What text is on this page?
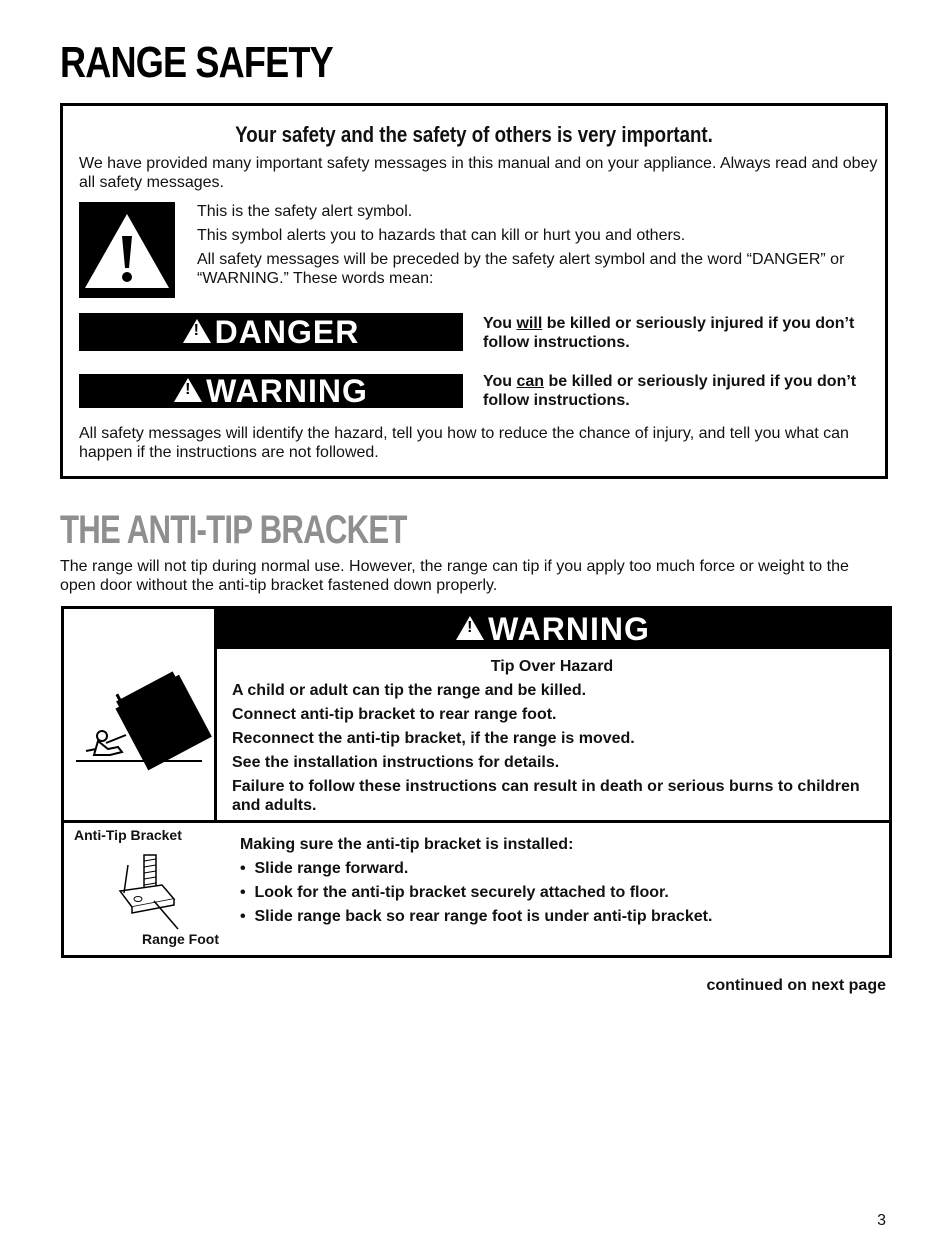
RANGE SAFETY
Your safety and the safety of others is very important.
We have provided many important safety messages in this manual and on your appliance. Always read and obey all safety messages.
This is the safety alert symbol.
This symbol alerts you to hazards that can kill or hurt you and others.
All safety messages will be preceded by the safety alert symbol and the word “DANGER” or “WARNING.” These words mean:
!
DANGER	You will be killed or seriously injured if you don’t follow instructions.
!
WARNING	You can be killed or seriously injured if you don’t follow instructions.
All safety messages will identify the hazard, tell you how to reduce the chance of injury, and tell you what can happen if the instructions are not followed.
THE ANTI-TIP BRACKET
The range will not tip during normal use. However, the range can tip if you apply too much force or weight to the open door without the anti-tip bracket fastened down properly.
!
WARNING
Tip Over Hazard
A child or adult can tip the range and be killed.
Connect anti-tip bracket to rear range foot.
Reconnect the anti-tip bracket, if the range is moved.
See the installation instructions for details.
Failure to follow these instructions can result in death or serious burns to children and adults.
Anti-Tip Bracket
Range Foot
Making sure the anti-tip bracket is installed:
•  Slide range forward.
•  Look for the anti-tip bracket securely attached to floor.
•  Slide range back so rear range foot is under anti-tip bracket.
continued on next page
3
